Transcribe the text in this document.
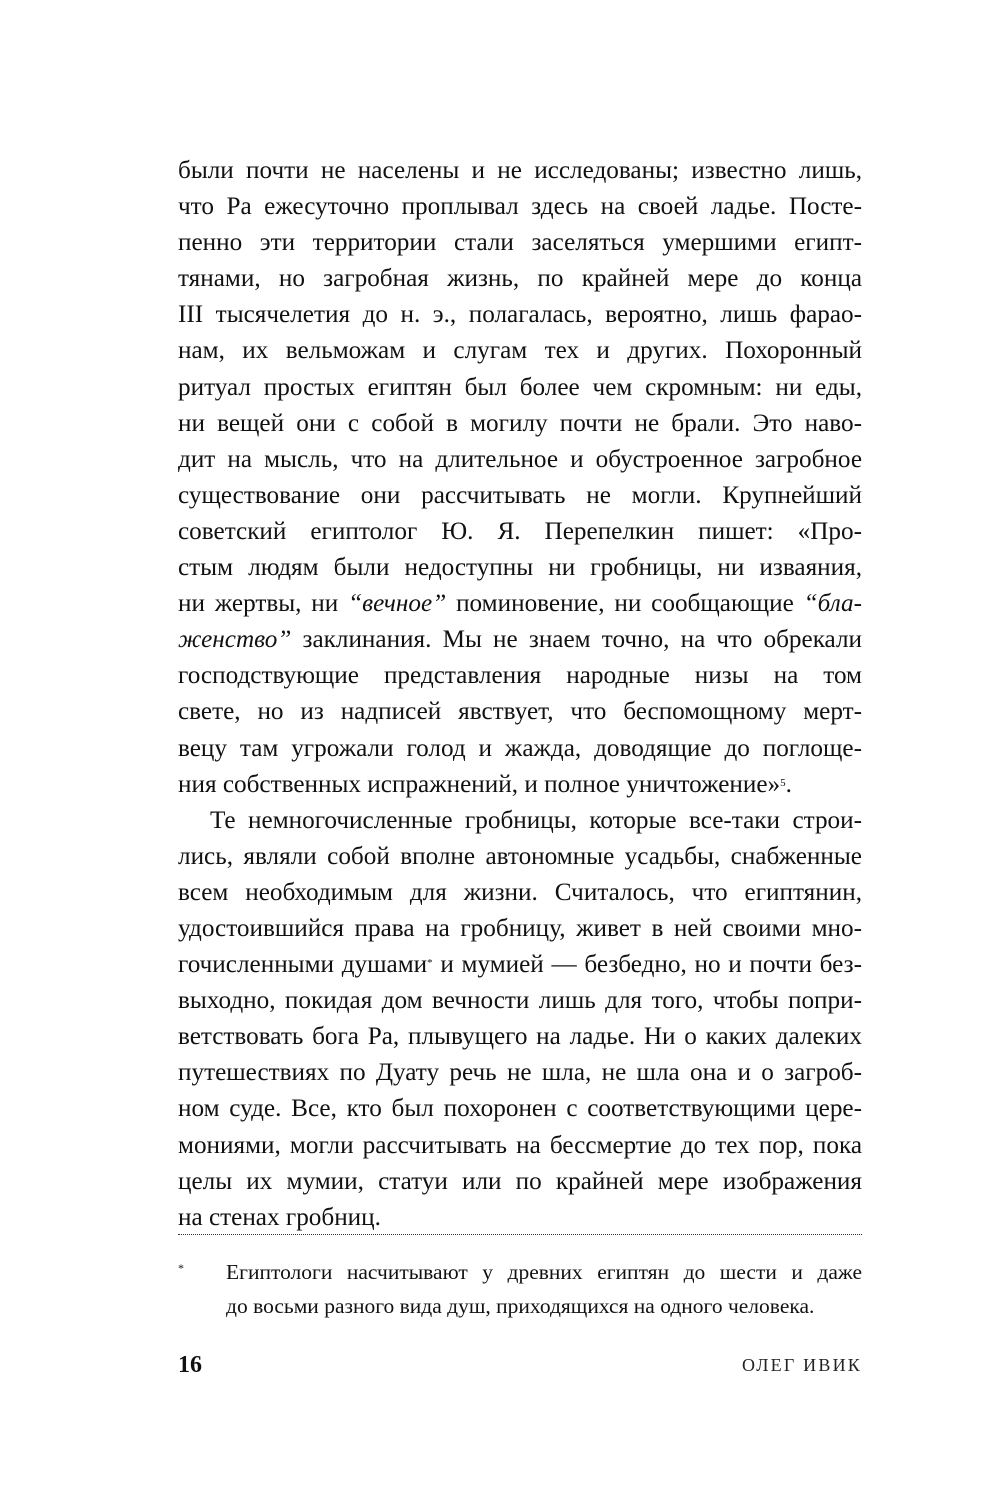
были почти не населены и не исследованы; известно лишь,
что Ра ежесуточно проплывал здесь на своей ладье. Посте-
пенно эти территории стали заселяться умершими египт-
тянами, но загробная жизнь, по крайней мере до конца
III тысячелетия до н. э., полагалась, вероятно, лишь фарао-
нам, их вельможам и слугам тех и других. Похоронный
ритуал простых египтян был более чем скромным: ни еды,
ни вещей они с собой в могилу почти не брали. Это наво-
дит на мысль, что на длительное и обустроенное загробное
существование они рассчитывать не могли. Крупнейший
советский египтолог Ю. Я. Перепелкин пишет: «Про-
стым людям были недоступны ни гробницы, ни изваяния,
ни жертвы, ни “вечное” поминовение, ни сообщающие “бла-
женство” заклинания. Мы не знаем точно, на что обрекали
господствующие представления народные низы на том
свете, но из надписей явствует, что беспомощному мерт-
вецу там угрожали голод и жажда, доводящие до поглоще-
ния собственных испражнений, и полное уничтожение»$^5$.
Те немногочисленные гробницы, которые все-таки строи-
лись, являли собой вполне автономные усадьбы, снабженные
всем необходимым для жизни. Считалось, что египтянин,
удостоившийся права на гробницу, живет в ней своими мно-
гочисленными душами* и мумией — безбедно, но и почти без-
выходно, покидая дом вечности лишь для того, чтобы попри-
ветствовать бога Ра, плывущего на ладье. Ни о каких далеких
путешествиях по Дуату речь не шла, не шла она и о загроб-
ном суде. Все, кто был похоронен с соответствующими цере-
мониями, могли рассчитывать на бессмертие до тех пор, пока
целы их мумии, статуи или по крайней мере изображения
на стенах гробниц.
* Египтологи насчитывают у древних египтян до шести и даже
до восьми разного вида душ, приходящихся на одного человека.
16	ОЛЕГ ИВИК
